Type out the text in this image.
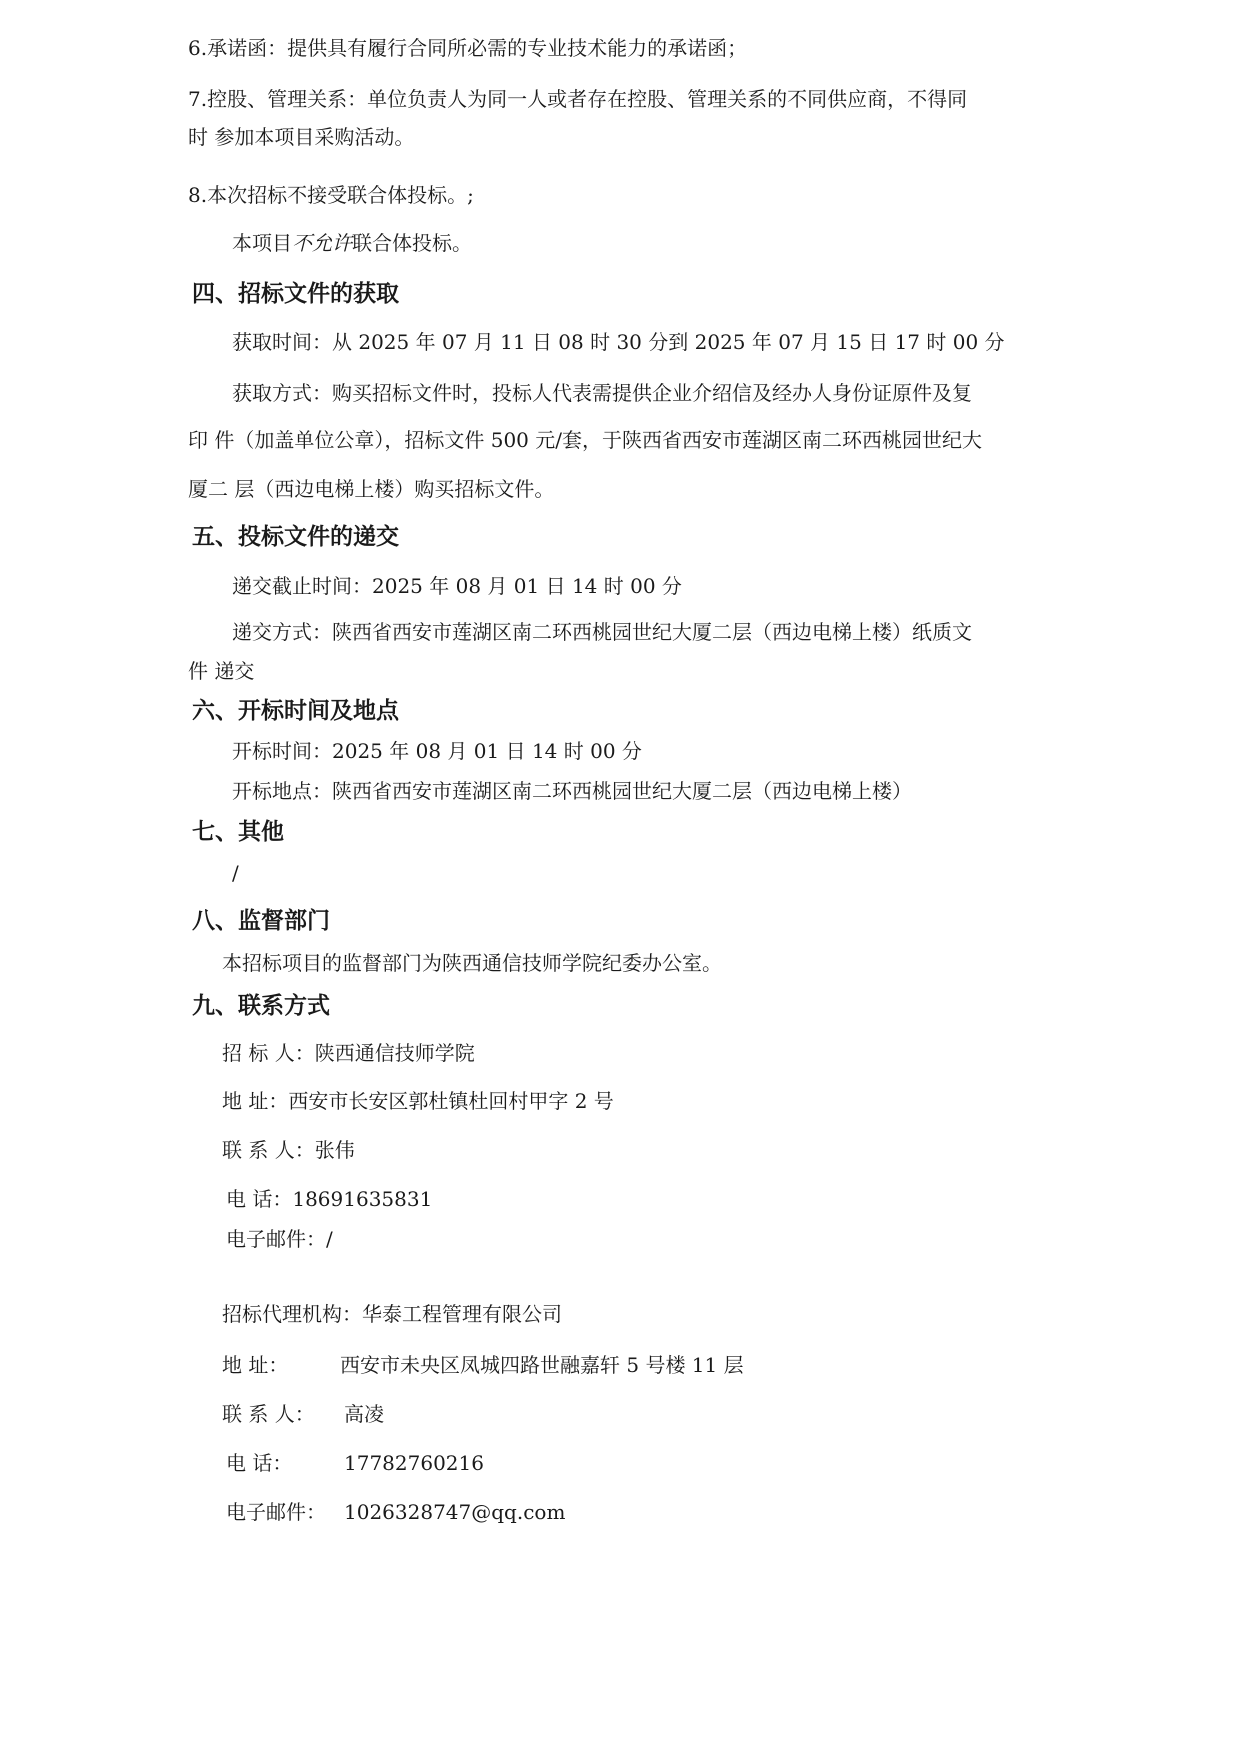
6.承诺函：提供具有履行合同所必需的专业技术能力的承诺函；
7.控股、管理关系：单位负责人为同一人或者存在控股、管理关系的不同供应商，不得同
时 参加本项目采购活动。
8.本次招标不接受联合体投标。;
本项目不允许联合体投标。
四、招标文件的获取
获取时间：从 2025 年 07 月 11 日 08 时 30 分到 2025 年 07 月 15 日 17 时 00 分
获取方式：购买招标文件时，投标人代表需提供企业介绍信及经办人身份证原件及复
印 件（加盖单位公章），招标文件 500 元/套，于陕西省西安市莲湖区南二环西桃园世纪大
厦二 层（西边电梯上楼）购买招标文件。
五、投标文件的递交
递交截止时间：2025 年 08 月 01 日 14 时 00 分
递交方式：陕西省西安市莲湖区南二环西桃园世纪大厦二层（西边电梯上楼）纸质文
件 递交
六、开标时间及地点
开标时间：2025 年 08 月 01 日 14 时 00 分
开标地点：陕西省西安市莲湖区南二环西桃园世纪大厦二层（西边电梯上楼）
七、其他
/
八、监督部门
本招标项目的监督部门为陕西通信技师学院纪委办公室。
九、联系方式
招 标 人：陕西通信技师学院
地 址：西安市长安区郭杜镇杜回村甲字 2 号
联 系 人：张伟
电 话：18691635831
电子邮件：/
招标代理机构：华泰工程管理有限公司
地 址：	西安市未央区凤城四路世融嘉轩 5 号楼 11 层
联 系 人： 高凌
电 话：	17782760216
电子邮件： 1026328747@qq.com
